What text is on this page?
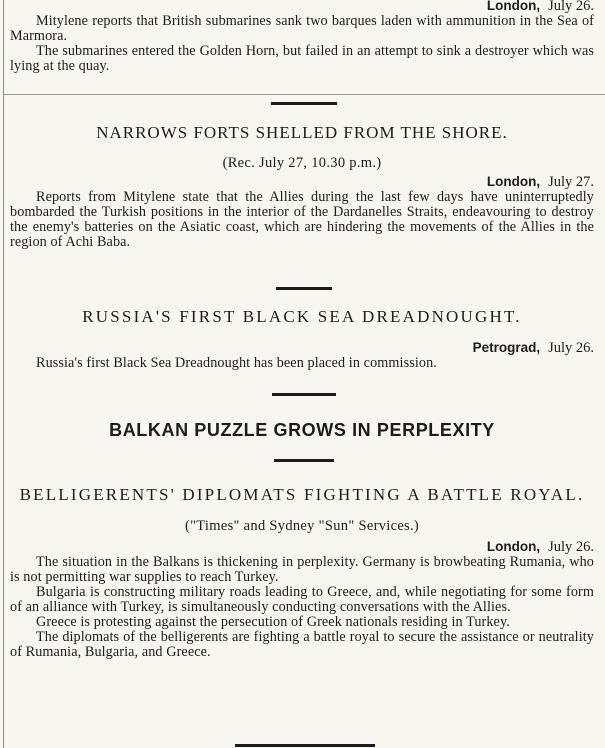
London, July 26.

Mitylene reports that British submarines sank two barques laden with ammunition in the Sea of Marmora.

The submarines entered the Golden Horn, but failed in an attempt to sink a destroyer which was lying at the quay.

NARROWS FORTS SHELLED FROM THE SHORE.

(Rec. July 27, 10.30 p.m.)

London, July 27.

Reports from Mitylene state that the Allies during the last few days have uninterruptedly bombarded the Turkish positions in the interior of the Dardanelles Straits, endeavouring to destroy the enemy's batteries on the Asiatic coast, which are hindering the movements of the Allies in the region of Achi Baba.

RUSSIA'S FIRST BLACK SEA DREADNOUGHT.

Petrograd, July 26.

Russia's first Black Sea Dreadnought has been placed in commission.

BALKAN PUZZLE GROWS IN PERPLEXITY

BELLIGERENTS' DIPLOMATS FIGHTING A BATTLE ROYAL.

("Times" and Sydney "Sun" Services.)

London, July 26.

The situation in the Balkans is thickening in perplexity. Germany is browbeating Rumania, who is not permitting war supplies to reach Turkey.

Bulgaria is constructing military roads leading to Greece, and, while negotiating for some form of an alliance with Turkey, is simultaneously conducting conversations with the Allies.

Greece is protesting against the persecution of Greek nationals residing in Turkey.

The diplomats of the belligerents are fighting a battle royal to secure the assistance or neutrality of Rumania, Bulgaria, and Greece.
